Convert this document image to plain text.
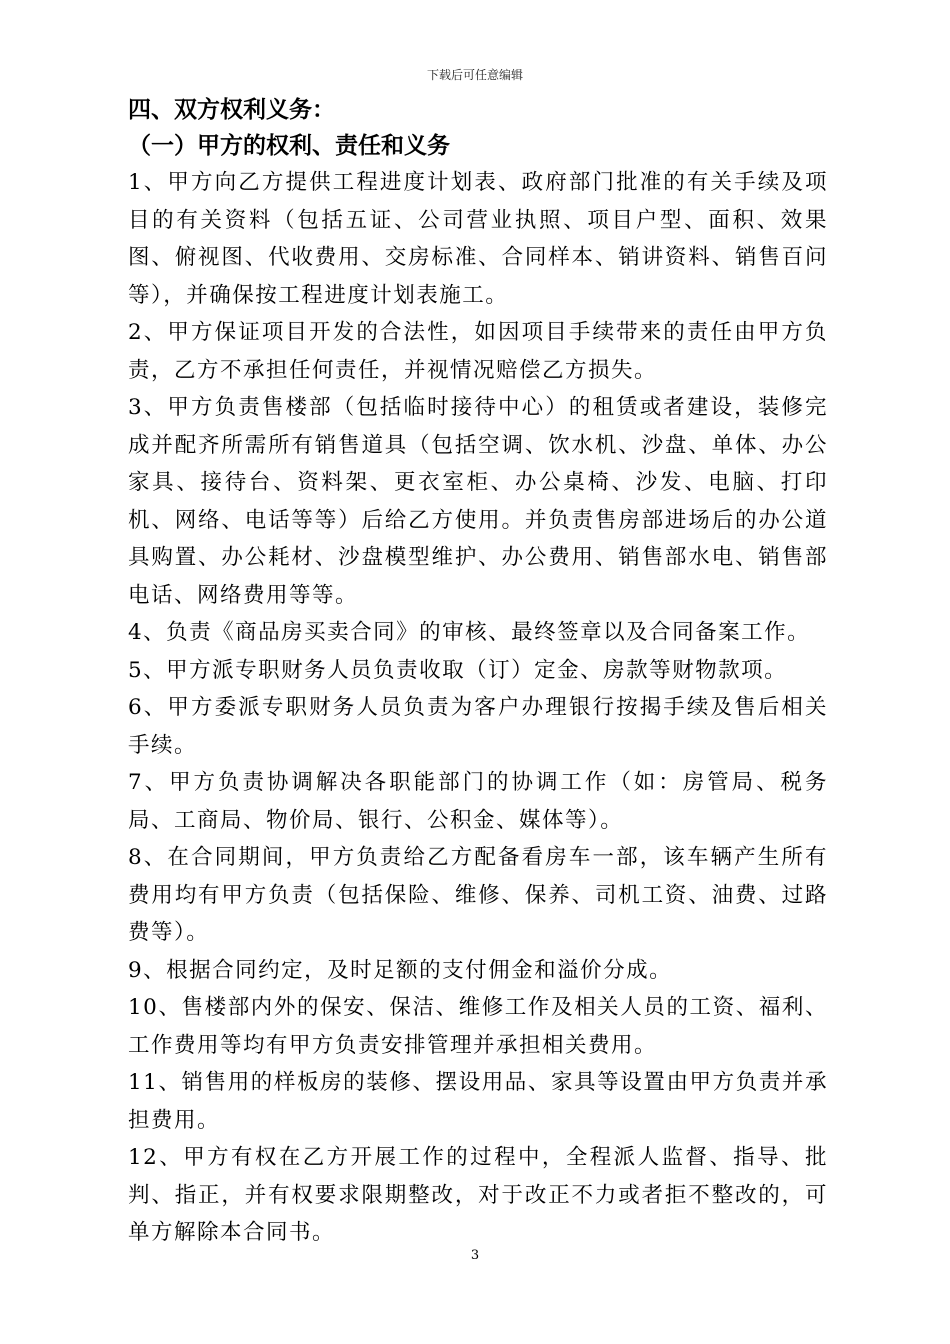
下载后可任意编辑
四、双方权利义务：
（一）甲方的权利、责任和义务

1、甲方向乙方提供工程进度计划表、政府部门批准的有关手续及项目的有关资料（包括五证、公司营业执照、项目户型、面积、效果图、俯视图、代收费用、交房标准、合同样本、销讲资料、销售百问等），并确保按工程进度计划表施工。

2、甲方保证项目开发的合法性，如因项目手续带来的责任由甲方负责，乙方不承担任何责任，并视情况赔偿乙方损失。

3、甲方负责售楼部（包括临时接待中心）的租赁或者建设，装修完成并配齐所需所有销售道具（包括空调、饮水机、沙盘、单体、办公家具、接待台、资料架、更衣室柜、办公桌椅、沙发、电脑、打印机、网络、电话等等）后给乙方使用。并负责售房部进场后的办公道具购置、办公耗材、沙盘模型维护、办公费用、销售部水电、销售部电话、网络费用等等。

4、负责《商品房买卖合同》的审核、最终签章以及合同备案工作。

5、甲方派专职财务人员负责收取（订）定金、房款等财物款项。

6、甲方委派专职财务人员负责为客户办理银行按揭手续及售后相关手续。

7、甲方负责协调解决各职能部门的协调工作（如：房管局、税务局、工商局、物价局、银行、公积金、媒体等）。

8、在合同期间，甲方负责给乙方配备看房车一部，该车辆产生所有费用均有甲方负责（包括保险、维修、保养、司机工资、油费、过路费等）。

9、根据合同约定，及时足额的支付佣金和溢价分成。

10、售楼部内外的保安、保洁、维修工作及相关人员的工资、福利、工作费用等均有甲方负责安排管理并承担相关费用。

11、销售用的样板房的装修、摆设用品、家具等设置由甲方负责并承担费用。

12、甲方有权在乙方开展工作的过程中，全程派人监督、指导、批判、指正，并有权要求限期整改，对于改正不力或者拒不整改的，可单方解除本合同书。

3
